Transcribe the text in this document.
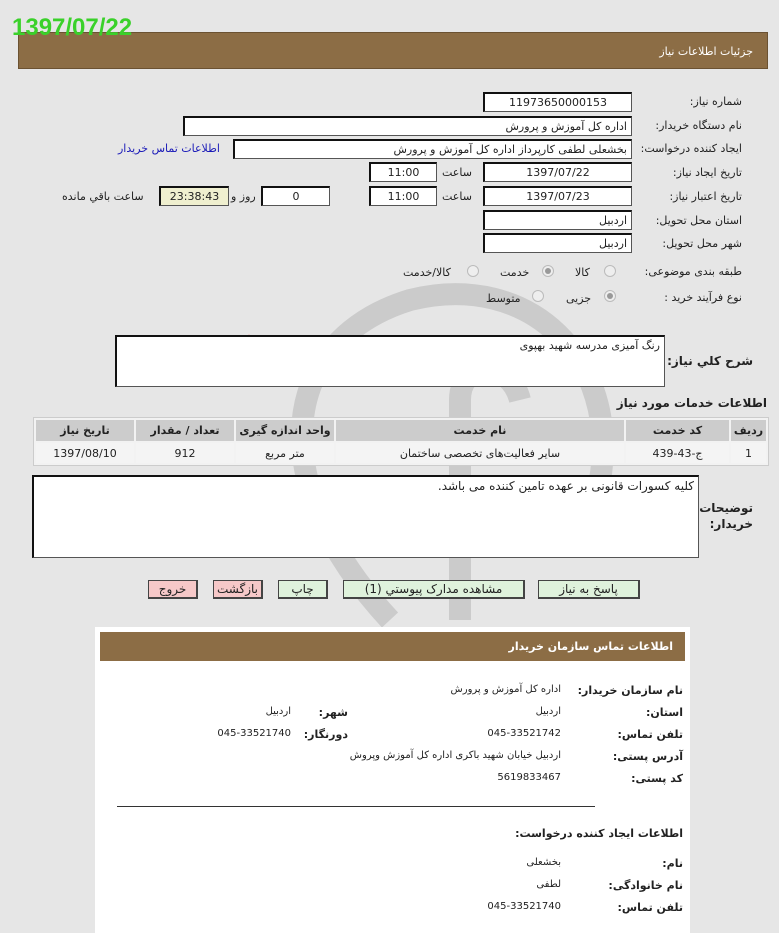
جزئیات اطلاعات نیاز
1397/07/22
شماره نیاز:
11973650000153
نام دستگاه خریدار:
اداره کل آموزش و پرورش
ایجاد کننده درخواست:
بخشعلی لطفی کارپرداز اداره کل آموزش و پرورش
اطلاعات تماس خریدار
تاریخ ایجاد نیاز:
1397/07/22
ساعت
11:00
تاریخ اعتبار نیاز:
1397/07/23
ساعت
11:00
0
روز و
23:38:43
ساعت باقي مانده
استان محل تحویل:
اردبیل
شهر محل تحویل:
اردبیل
طبقه بندی موضوعی:
کالا
خدمت
کالا/خدمت
نوع فرآیند خرید :
جزیی
متوسط
شرح کلي نياز:
رنگ آمیزی مدرسه شهید بهپوی
اطلاعات خدمات مورد نیاز
ردیف	کد خدمت	نام خدمت	واحد اندازه گیری	تعداد / مقدار	تاریخ نیاز
1	ج-43-439	سایر فعالیت‌های تخصصی ساختمان	متر مربع	912	1397/08/10
توضیحات خریدار:
کلیه کسورات قانونی بر عهده تامین کننده می باشد.
پاسخ به نیاز
مشاهده مدارک پیوستي (1)
چاپ
بازگشت
خروج
اطلاعات تماس سازمان خریدار
نام سازمان خریدار:
اداره کل آموزش و پرورش
استان:
اردبیل
شهر:
اردبیل
تلفن تماس:
045-33521742
دورنگار:
045-33521740
آدرس پستی:
اردبیل خیابان شهید باکری اداره کل آموزش وپروش
کد پستی:
5619833467
اطلاعات ایجاد کننده درخواست:
نام:
بخشعلی
نام خانوادگی:
لطفی
تلفن تماس:
045-33521740
